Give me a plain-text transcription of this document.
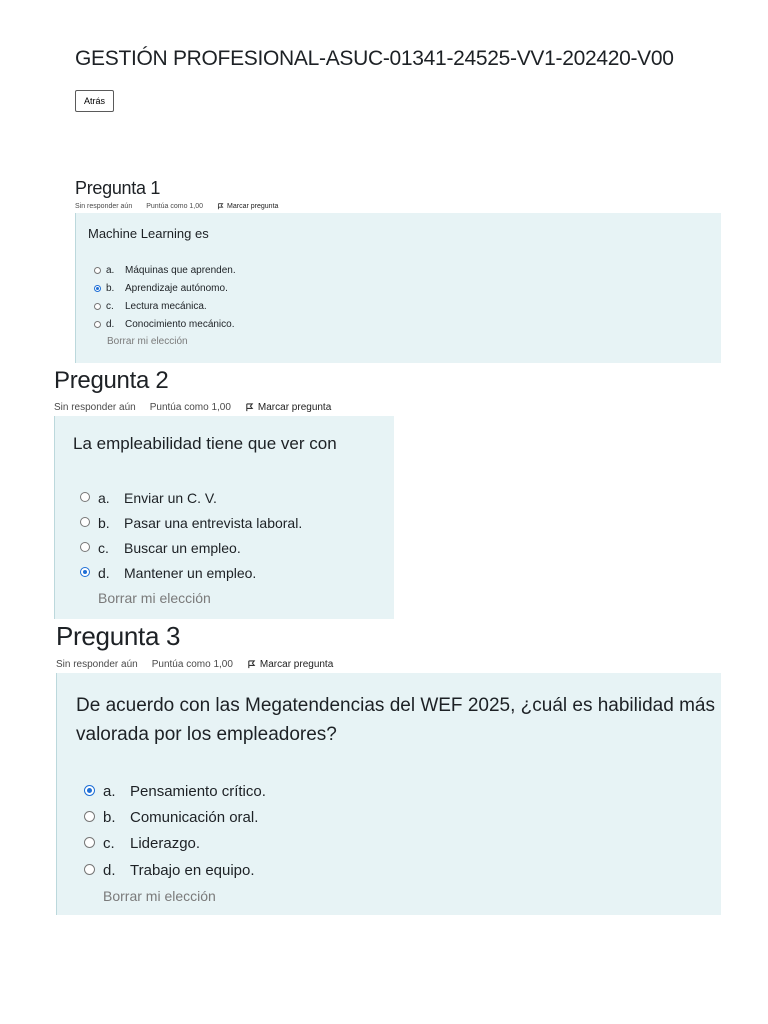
GESTIÓN PROFESIONAL-ASUC-01341-24525-VV1-202420-V00
Atrás
Pregunta 1
Sin responder aún Puntúa como 1,00	Marcar pregunta
Machine Learning es
a. Máquinas que aprenden.
b. Aprendizaje autónomo.
c. Lectura mecánica.
d. Conocimiento mecánico.
Borrar mi elección
Pregunta 2
Sin responder aún Puntúa como 1,00	Marcar pregunta
La empleabilidad tiene que ver con
a. Enviar un C. V.
b. Pasar una entrevista laboral.
c. Buscar un empleo.
d. Mantener un empleo.
Borrar mi elección
Pregunta 3
Sin responder aún Puntúa como 1,00	Marcar pregunta
De acuerdo con las Megatendencias del WEF 2025, ¿cuál es habilidad más valorada por los empleadores?
a. Pensamiento crítico.
b. Comunicación oral.
c. Liderazgo.
d. Trabajo en equipo.
Borrar mi elección
